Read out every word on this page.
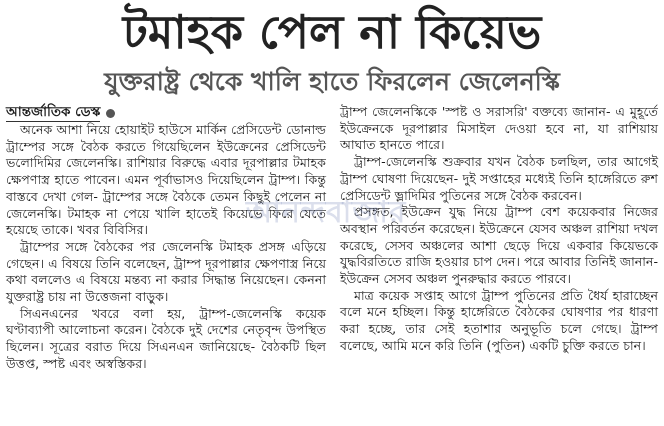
টমাহক পেল না কিয়েভ
যুক্তরাষ্ট্র থেকে খালি হাতে ফিরলেন জেলেনস্কি
আন্তর্জাতিক ডেস্ক

অনেক আশা নিয়ে হোয়াইট হাউসে মার্কিন প্রেসিডেন্ট ডোনাল্ড ট্রাম্পের সঙ্গে বৈঠক করতে গিয়েছিলেন ইউক্রেনের প্রেসিডেন্ট ভলোদিমির জেলেনস্কি। রাশিয়ার বিরুদ্ধে এবার দূরপাল্লার টমাহক ক্ষেপণাস্ত্র হাতে পাবেন। এমন পূর্বাভাসও দিয়েছিলেন ট্রাম্প। কিন্তু বাস্তবে দেখা গেল- ট্রাম্পের সঙ্গে বৈঠকে তেমন কিছুই পেলেন না জেলেনস্কি। টমাহক না পেয়ে খালি হাতেই কিয়েভে ফিরে যেতে হয়েছে তাকে। খবর বিবিসির।

ট্রাম্পের সঙ্গে বৈঠকের পর জেলেনস্কি টমাহক প্রসঙ্গ এড়িয়ে গেছেন। এ বিষয়ে তিনি বলেছেন, ট্রাম্প দূরপাল্লার ক্ষেপণাস্ত্র নিয়ে কথা বললেও এ বিষয়ে মন্তব্য না করার সিদ্ধান্ত নিয়েছেন। কেননা যুক্তরাষ্ট্র চায় না উত্তেজনা বাড়ুক।

সিএনএনের খবরে বলা হয়, ট্রাম্প-জেলেনস্কি কয়েক ঘণ্টাব্যাপী আলোচনা করেন। বৈঠকে দুই দেশের নেতৃবৃন্দ উপস্থিত ছিলেন। সূত্রের বরাত দিয়ে সিএনএন জানিয়েছে- বৈঠকটি ছিল উত্তপ্ত, স্পষ্ট এবং অস্বস্তিকর।

ট্রাম্প জেলেনস্কিকে 'স্পষ্ট ও সরাসরি' বক্তব্যে জানান- এ মুহূর্তে ইউক্রেনকে দূরপাল্লার মিসাইল দেওয়া হবে না, যা রাশিয়ায় আঘাত হানতে পারে।

ট্রাম্প-জেলেনস্কি শুক্রবার যখন বৈঠক চলছিল, তার আগেই ট্রাম্প ঘোষণা দিয়েছেন- দুই সপ্তাহের মধ্যেই তিনি হাঙ্গেরিতে রুশ প্রেসিডেন্ট ভ্লাদিমির পুতিনের সঙ্গে বৈঠক করবেন।

প্রসঙ্গত, ইউক্রেন যুদ্ধ নিয়ে ট্রাম্প বেশ কয়েকবার নিজের অবস্থান পরিবর্তন করেছেন। ইউক্রেনে যেসব অঞ্চল রাশিয়া দখল করেছে, সেসব অঞ্চলের আশা ছেড়ে দিয়ে একবার কিয়েভকে যুদ্ধবিরতিতে রাজি হওয়ার চাপ দেন। পরে আবার তিনিই জানান- ইউক্রেন সেসব অঞ্চল পুনরুদ্ধার করতে পারবে।

মাত্র কয়েক সপ্তাহ আগে ট্রাম্প পুতিনের প্রতি ধৈর্য হারাচ্ছেন বলে মনে হচ্ছিল। কিন্তু হাঙ্গেরিতে বৈঠকের ঘোষণার পর ধারণা করা হচ্ছে, তার সেই হতাশার অনুভূতি চলে গেছে। ট্রাম্প বলেছে, আমি মনে করি তিনি (পুতিন) একটি চুক্তি করতে চান।

আনন্দবাজার
